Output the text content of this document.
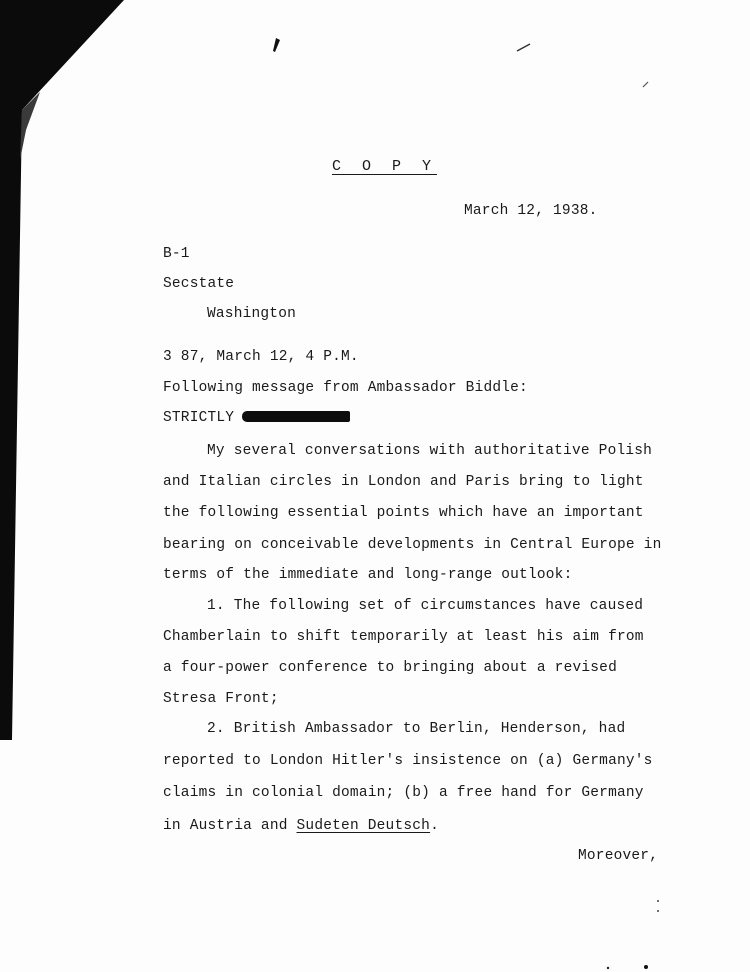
C O P Y
March 12, 1938.
B-1
Secstate
Washington
3 87, March 12, 4 P.M.
Following message from Ambassador Biddle:
STRICTLY
My several conversations with authoritative Polish
and Italian circles in London and Paris bring to light
the following essential points which have an important
bearing on conceivable developments in Central Europe in
terms of the immediate and long-range outlook:
1. The following set of circumstances have caused
Chamberlain to shift temporarily at least his aim from
a four-power conference to bringing about a revised
Stresa Front;
2. British Ambassador to Berlin, Henderson, had
reported to London Hitler's insistence on (a) Germany's
claims in colonial domain; (b) a free hand for Germany
in Austria and Sudeten Deutsch.
Moreover,
